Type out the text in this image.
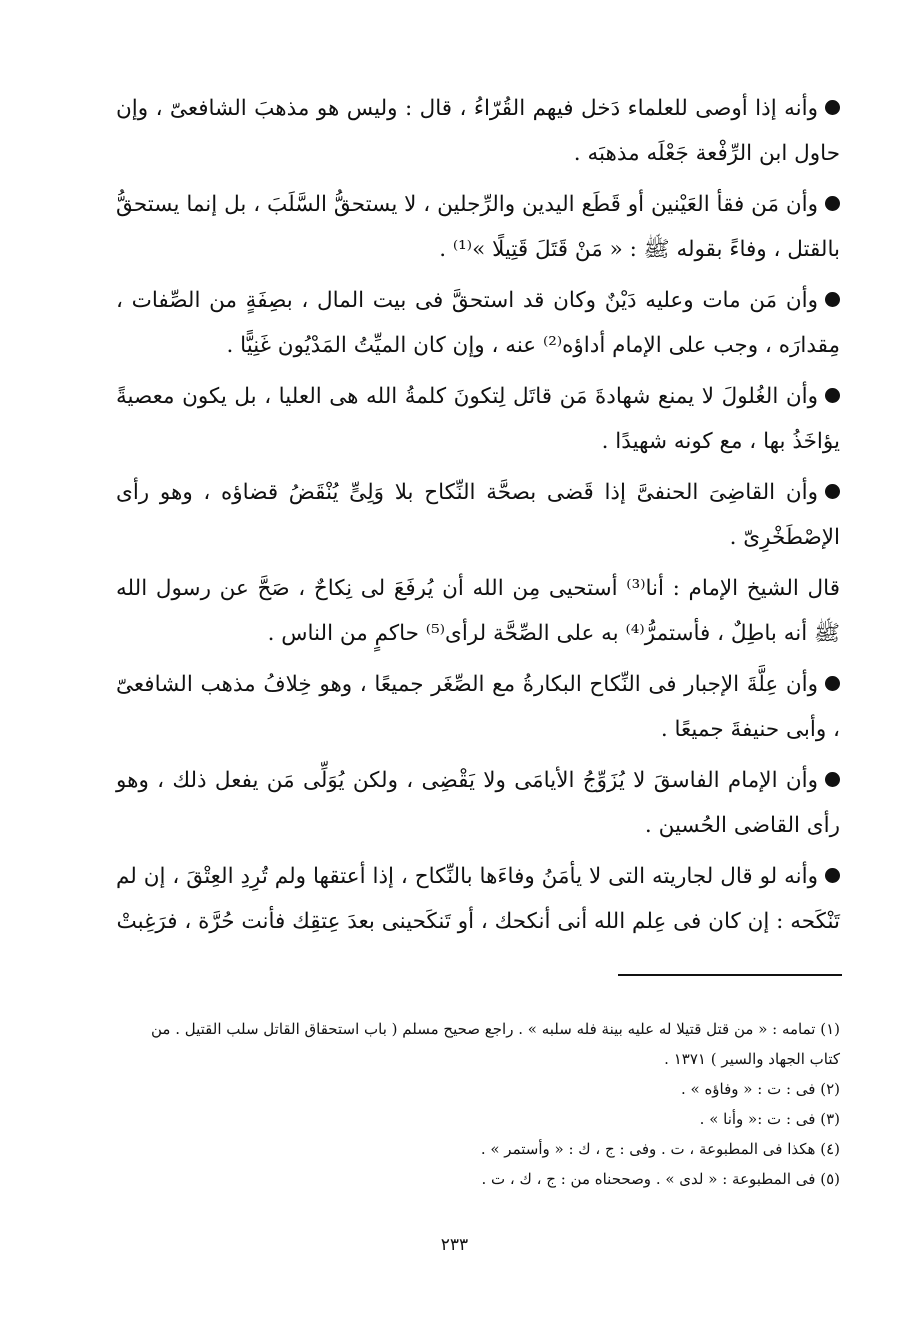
وأنه إذا أوصى للعلماء دَخل فيهم القُرّاءُ ، قال : وليس هو مذهبَ الشافعىّ ، وإن حاول ابن الرِّفْعة جَعْلَه مذهبَه .

وأن مَن فقأ العَيْنين أو قَطَع اليدين والرِّجلين ، لا يستحقُّ السَّلَبَ ، بل إنما يستحقُّ بالقتل ، وفاءً بقوله ﷺ : « مَنْ قَتَلَ قَتِيلًا »⁽¹⁾ .

وأن مَن مات وعليه دَيْنٌ وكان قد استحقَّ فى بيت المال ، بصِفَةٍ من الصِّفات ، مِقدارَه ، وجب على الإمام أداؤه⁽²⁾ عنه ، وإن كان الميِّتُ المَدْيُون غَنِيًّا .

وأن الغُلولَ لا يمنع شهادةَ مَن قاتَل لِتكونَ كلمةُ الله هى العليا ، بل يكون معصيةً يؤاخَذُ بها ، مع كونه شهيدًا .

وأن القاضِىَ الحنفىَّ إذا قَضى بصحَّة النِّكاح بلا وَلِىٍّ يُنْقَضُ قضاؤه ، وهو رأى الإصْطَخْرِىّ .

قال الشيخ الإمام : أنا⁽³⁾ أستحيى مِن الله أن يُرفَعَ لى نِكاحٌ ، صَحَّ عن رسول الله ﷺ أنه باطِلٌ ، فأستمرُّ⁽⁴⁾ به على الصِّحَّة لرأى⁽⁵⁾ حاكمٍ من الناس .

وأن عِلَّةَ الإجبار فى النِّكاح البكارةُ مع الصِّغَر جميعًا ، وهو خِلافُ مذهب الشافعىّ ، وأبى حنيفةَ جميعًا .

وأن الإمام الفاسقَ لا يُزَوِّجُ الأيامَى ولا يَقْضِى ، ولكن يُوَلِّى مَن يفعل ذلك ، وهو رأى القاضى الحُسين .

وأنه لو قال لجاريته التى لا يأمَنُ وفاءَها بالنِّكاح ، إذا أعتقها ولم تُرِدِ العِتْقَ ، إن لم تَنْكَحه : إن كان فى عِلم الله أنى أنكحك ، أو تَنكَحينى بعدَ عِتقِك فأنت حُرَّة ، فرَغِبتْ

(١) تمامه : « من قتل قتيلا له عليه بينة فله سلبه » . راجع صحيح مسلم ( باب استحقاق القاتل سلب القتيل . من كتاب الجهاد والسير ) ١٣٧١ .

(٢) فى : ت : « وفاؤه » .

(٣) فى : ت :« وأنا » .

(٤) هكذا فى المطبوعة ، ت . وفى : ج ، ك : « وأستمر » .

(٥) فى المطبوعة : « لدى » . وصححناه من : ج ، ك ، ت .

٢٣٣
